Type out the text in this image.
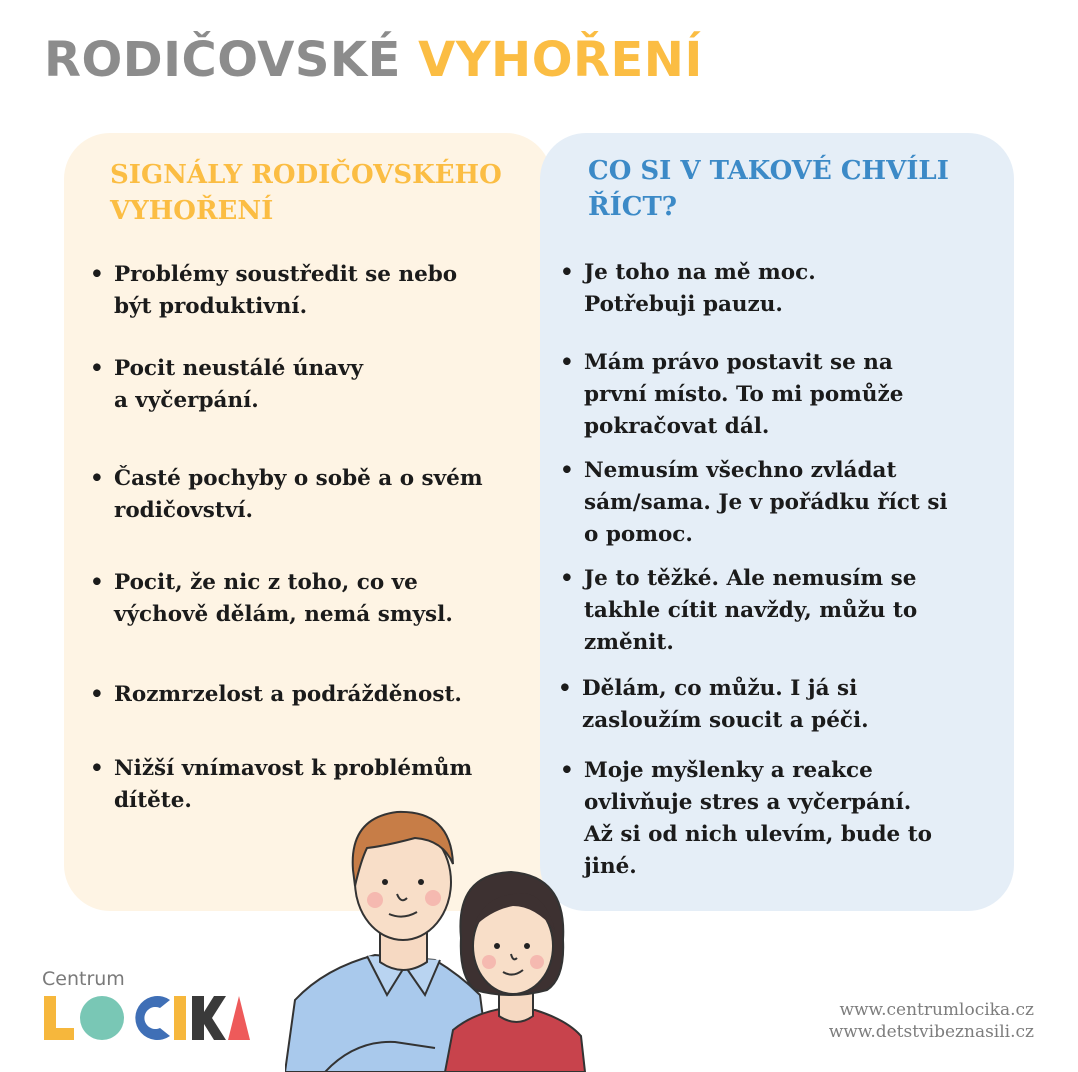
RODIČOVSKÉ VYHOŘENÍ
SIGNÁLY RODIČOVSKÉHO
VYHOŘENÍ
• Problémy soustředit se nebo
být produktivní.
• Pocit neustálé únavy
a vyčerpání.
• Časté pochyby o sobě a o svém
rodičovství.
• Pocit, že nic z toho, co ve
výchově dělám, nemá smysl.
• Rozmrzelost a podrážděnost.
• Nižší vnímavost k problémům
dítěte.
CO SI V TAKOVÉ CHVÍLI
ŘÍCT?
• Je toho na mě moc.
Potřebuji pauzu.
• Mám právo postavit se na
první místo. To mi pomůže
pokračovat dál.
• Nemusím všechno zvládat
sám/sama. Je v pořádku říct si
o pomoc.
• Je to těžké. Ale nemusím se
takhle cítit navždy, můžu to
změnit.
• Dělám, co můžu. I já si
zasloužím soucit a péči.
• Moje myšlenky a reakce
ovlivňuje stres a vyčerpání.
Až si od nich ulevím, bude to
jiné.
Centrum
www.centrumlocika.cz
www.detstvibeznasili.cz
